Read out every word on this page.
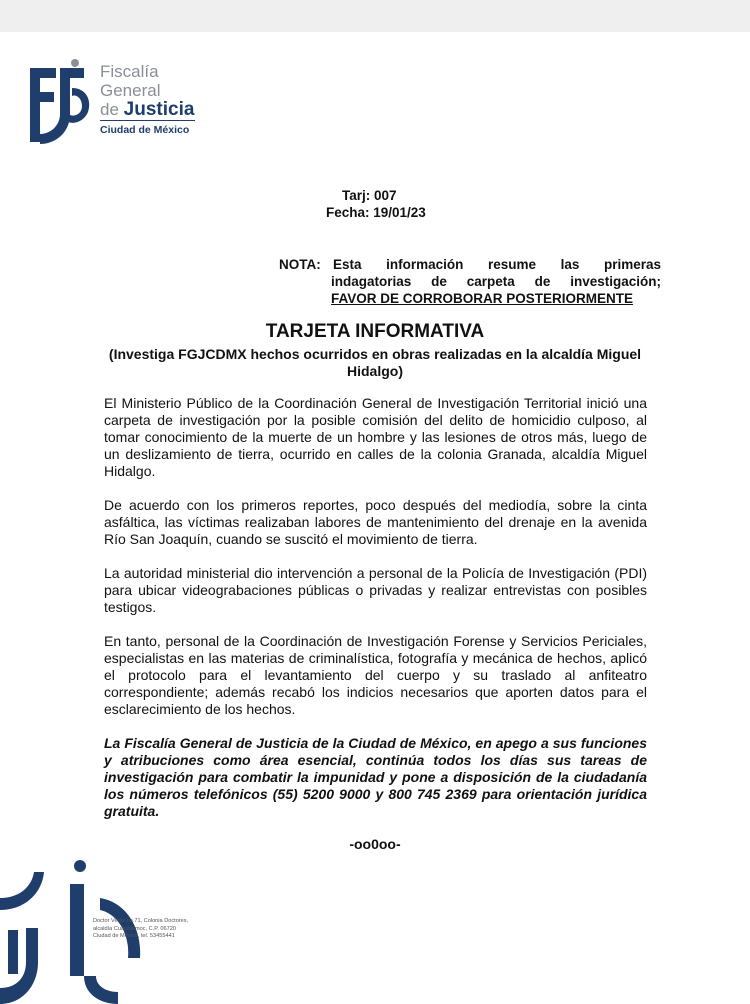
Fiscalía
General
de Justicia
Ciudad de México
Tarj: 007
Fecha: 19/01/23
NOTA: Esta información resume las primeras
indagatorias de carpeta de investigación;
FAVOR DE CORROBORAR POSTERIORMENTE
TARJETA INFORMATIVA
(Investiga FGJCDMX hechos ocurridos en obras realizadas en la alcaldía Miguel Hidalgo)

El Ministerio Público de la Coordinación General de Investigación Territorial inició una carpeta de investigación por la posible comisión del delito de homicidio culposo, al tomar conocimiento de la muerte de un hombre y las lesiones de otros más, luego de un deslizamiento de tierra, ocurrido en calles de la colonia Granada, alcaldía Miguel Hidalgo.

De acuerdo con los primeros reportes, poco después del mediodía, sobre la cinta asfáltica, las víctimas realizaban labores de mantenimiento del drenaje en la avenida Río San Joaquín, cuando se suscitó el movimiento de tierra.

La autoridad ministerial dio intervención a personal de la Policía de Investigación (PDI) para ubicar videograbaciones públicas o privadas y realizar entrevistas con posibles testigos.

En tanto, personal de la Coordinación de Investigación Forense y Servicios Periciales, especialistas en las materias de criminalística, fotografía y mecánica de hechos, aplicó el protocolo para el levantamiento del cuerpo y su traslado al anfiteatro correspondiente; además recabó los indicios necesarios que aporten datos para el esclarecimiento de los hechos.

La Fiscalía General de Justicia de la Ciudad de México, en apego a sus funciones y atribuciones como área esencial, continúa todos los días sus tareas de investigación para combatir la impunidad y pone a disposición de la ciudadanía los números telefónicos (55) 5200 9000 y 800 745 2369 para orientación jurídica gratuita.

-oo0oo-
Doctor Vertiz no.71, Colonia Doctores,
alcaldía Cuauhtémoc, C.P. 06720
Ciudad de México, tel. 53455441
